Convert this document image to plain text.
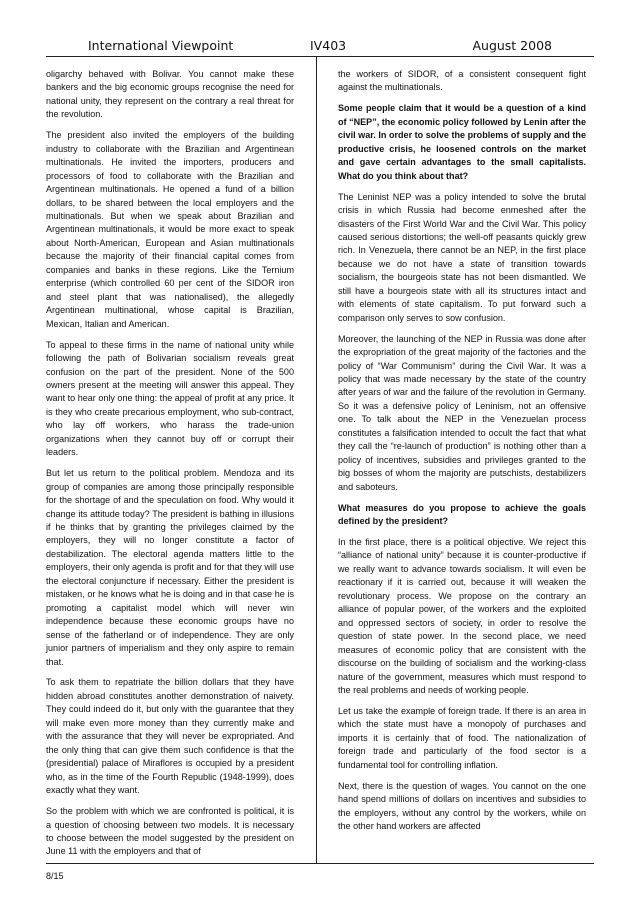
International Viewpoint	IV403	August 2008

oligarchy behaved with Bolivar. You cannot make these bankers and the big economic groups recognise the need for national unity, they represent on the contrary a real threat for the revolution.

The president also invited the employers of the building industry to collaborate with the Brazilian and Argentinean multinationals. He invited the importers, producers and processors of food to collaborate with the Brazilian and Argentinean multinationals. He opened a fund of a billion dollars, to be shared between the local employers and the multinationals. But when we speak about Brazilian and Argentinean multinationals, it would be more exact to speak about North-American, European and Asian multinationals because the majority of their financial capital comes from companies and banks in these regions. Like the Ternium enterprise (which controlled 60 per cent of the SIDOR iron and steel plant that was nationalised), the allegedly Argentinean multinational, whose capital is Brazilian, Mexican, Italian and American.

To appeal to these firms in the name of national unity while following the path of Bolivarian socialism reveals great confusion on the part of the president. None of the 500 owners present at the meeting will answer this appeal. They want to hear only one thing: the appeal of profit at any price. It is they who create precarious employment, who sub-contract, who lay off workers, who harass the trade-union organizations when they cannot buy off or corrupt their leaders.

But let us return to the political problem. Mendoza and its group of companies are among those principally responsible for the shortage of and the speculation on food. Why would it change its attitude today? The president is bathing in illusions if he thinks that by granting the privileges claimed by the employers, they will no longer constitute a factor of destabilization. The electoral agenda matters little to the employers, their only agenda is profit and for that they will use the electoral conjuncture if necessary. Either the president is mistaken, or he knows what he is doing and in that case he is promoting a capitalist model which will never win independence because these economic groups have no sense of the fatherland or of independence. They are only junior partners of imperialism and they only aspire to remain that.

To ask them to repatriate the billion dollars that they have hidden abroad constitutes another demonstration of naivety. They could indeed do it, but only with the guarantee that they will make even more money than they currently make and with the assurance that they will never be expropriated. And the only thing that can give them such confidence is that the (presidential) palace of Miraflores is occupied by a president who, as in the time of the Fourth Republic (1948-1999), does exactly what they want.

So the problem with which we are confronted is political, it is a question of choosing between two models. It is necessary to choose between the model suggested by the president on June 11 with the employers and that of

the workers of SIDOR, of a consistent consequent fight against the multinationals.

Some people claim that it would be a question of a kind of “NEP”, the economic policy followed by Lenin after the civil war. In order to solve the problems of supply and the productive crisis, he loosened controls on the market and gave certain advantages to the small capitalists. What do you think about that?

The Leninist NEP was a policy intended to solve the brutal crisis in which Russia had become enmeshed after the disasters of the First World War and the Civil War. This policy caused serious distortions; the well-off peasants quickly grew rich. In Venezuela, there cannot be an NEP, in the first place because we do not have a state of transition towards socialism, the bourgeois state has not been dismantled. We still have a bourgeois state with all its structures intact and with elements of state capitalism. To put forward such a comparison only serves to sow confusion.

Moreover, the launching of the NEP in Russia was done after the expropriation of the great majority of the factories and the policy of “War Communism” during the Civil War. It was a policy that was made necessary by the state of the country after years of war and the failure of the revolution in Germany. So it was a defensive policy of Leninism, not an offensive one. To talk about the NEP in the Venezuelan process constitutes a falsification intended to occult the fact that what they call the “re-launch of production” is nothing other than a policy of incentives, subsidies and privileges granted to the big bosses of whom the majority are putschists, destabilizers and saboteurs.

What measures do you propose to achieve the goals defined by the president?

In the first place, there is a political objective. We reject this “alliance of national unity” because it is counter-productive if we really want to advance towards socialism. It will even be reactionary if it is carried out, because it will weaken the revolutionary process. We propose on the contrary an alliance of popular power, of the workers and the exploited and oppressed sectors of society, in order to resolve the question of state power. In the second place, we need measures of economic policy that are consistent with the discourse on the building of socialism and the working-class nature of the government, measures which must respond to the real problems and needs of working people.

Let us take the example of foreign trade. If there is an area in which the state must have a monopoly of purchases and imports it is certainly that of food. The nationalization of foreign trade and particularly of the food sector is a fundamental tool for controlling inflation.

Next, there is the question of wages. You cannot on the one hand spend millions of dollars on incentives and subsidies to the employers, without any control by the workers, while on the other hand workers are affected

8/15
